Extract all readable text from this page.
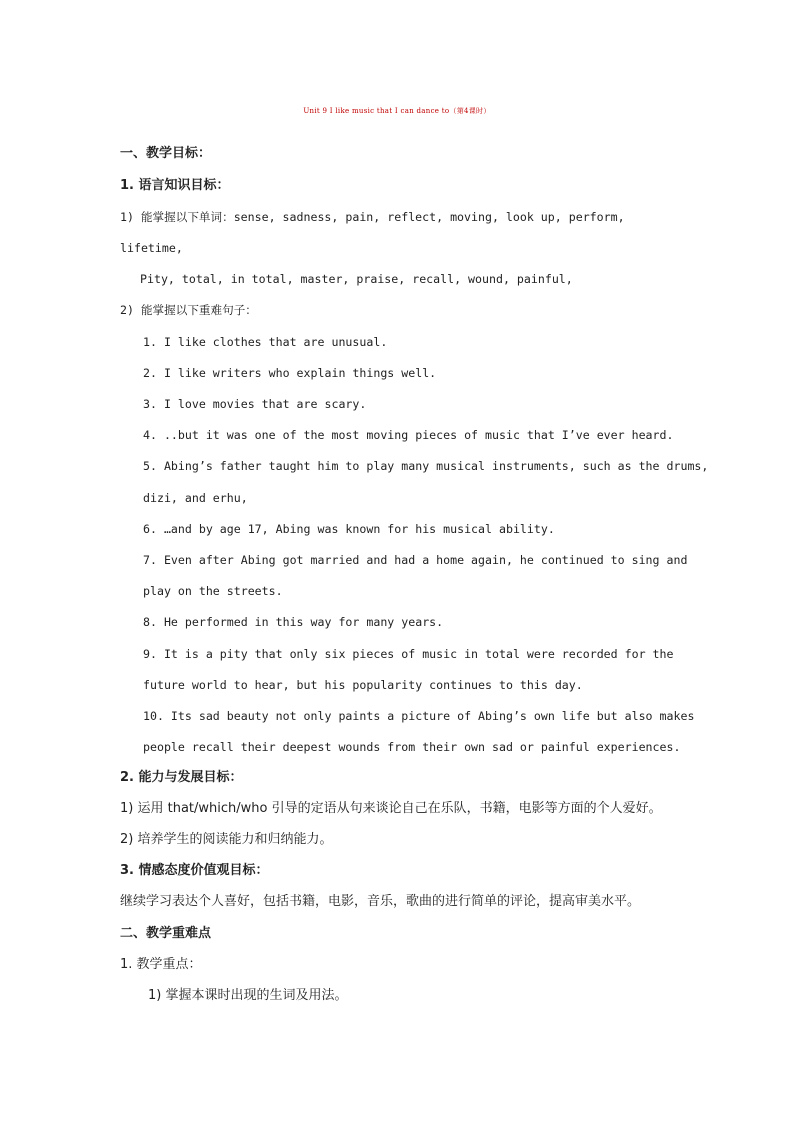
Unit 9 I like music that I can dance to（第4课时）
一、教学目标：
1. 语言知识目标：
1) 能掌握以下单词：sense, sadness, pain, reflect, moving, look up, perform,
lifetime,
Pity, total, in total, master, praise, recall, wound, painful,
2) 能掌握以下重难句子：
1. I like clothes that are unusual.
2. I like writers who explain things well.
3. I love movies that are scary.
4. ..but it was one of the most moving pieces of music that I’ve ever heard.
5. Abing’s father taught him to play many musical instruments, such as the drums,
dizi, and erhu,
6. …and by age 17, Abing was known for his musical ability.
7. Even after Abing got married and had a home again, he continued to sing and
play on the streets.
8. He performed in this way for many years.
9. It is a pity that only six pieces of music in total were recorded for the
future world to hear, but his popularity continues to this day.
10. Its sad beauty not only paints a picture of Abing’s own life but also makes
people recall their deepest wounds from their own sad or painful experiences.
2. 能力与发展目标：
1) 运用 that/which/who 引导的定语从句来谈论自己在乐队，书籍，电影等方面的个人爱好。
2) 培养学生的阅读能力和归纳能力。
3. 情感态度价值观目标：
继续学习表达个人喜好，包括书籍，电影，音乐，歌曲的进行简单的评论，提高审美水平。
二、教学重难点
1. 教学重点：
1) 掌握本课时出现的生词及用法。
